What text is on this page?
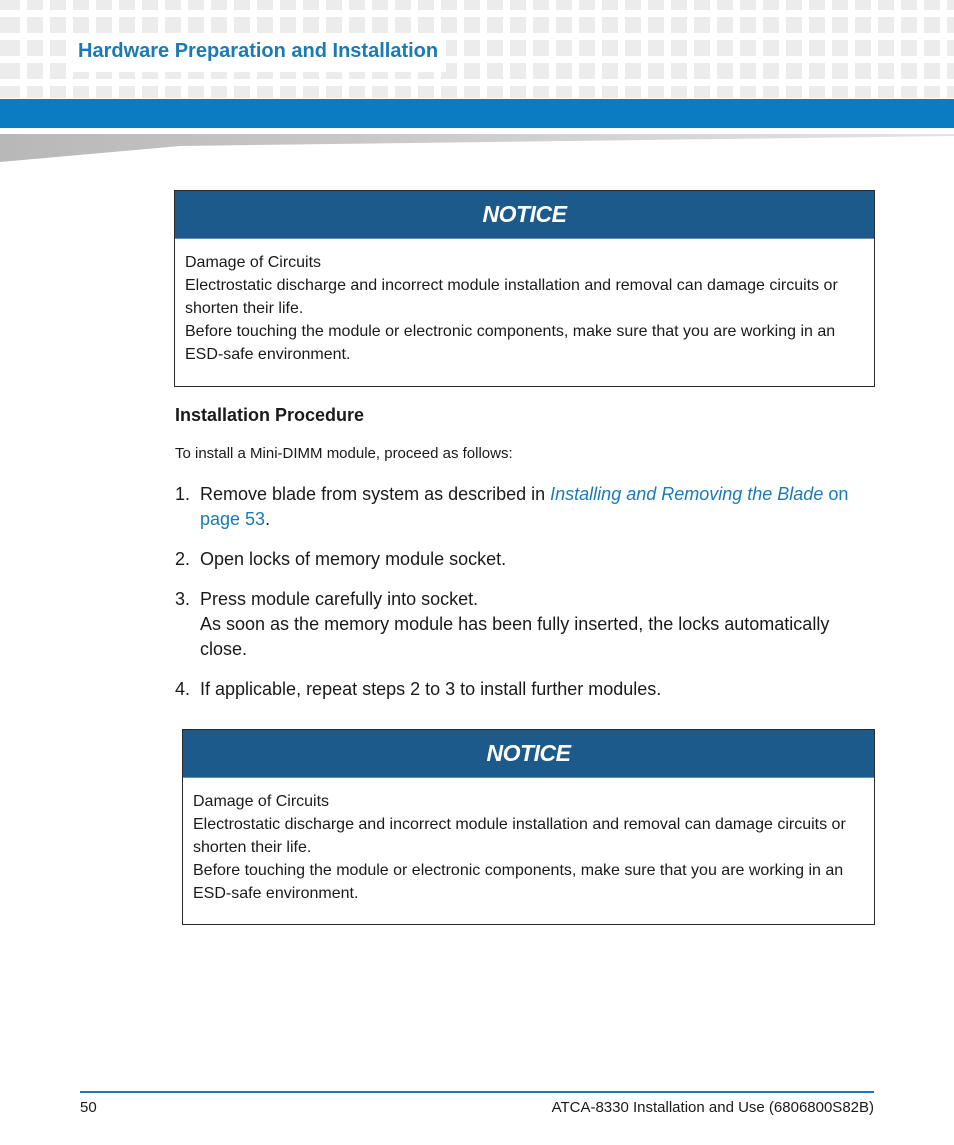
Hardware Preparation and Installation
NOTICE

Damage of Circuits

Electrostatic discharge and incorrect module installation and removal can damage circuits or shorten their life.

Before touching the module or electronic components, make sure that you are working in an ESD-safe environment.

Installation Procedure
To install a Mini-DIMM module, proceed as follows:
1. Remove blade from system as described in Installing and Removing the Blade on page 53.
2. Open locks of memory module socket.
3. Press module carefully into socket.
As soon as the memory module has been fully inserted, the locks automatically close.
4. If applicable, repeat steps 2 to 3 to install further modules.
NOTICE

Damage of Circuits

Electrostatic discharge and incorrect module installation and removal can damage circuits or shorten their life.

Before touching the module or electronic components, make sure that you are working in an ESD-safe environment.

50	ATCA-8330 Installation and Use (6806800S82B)
